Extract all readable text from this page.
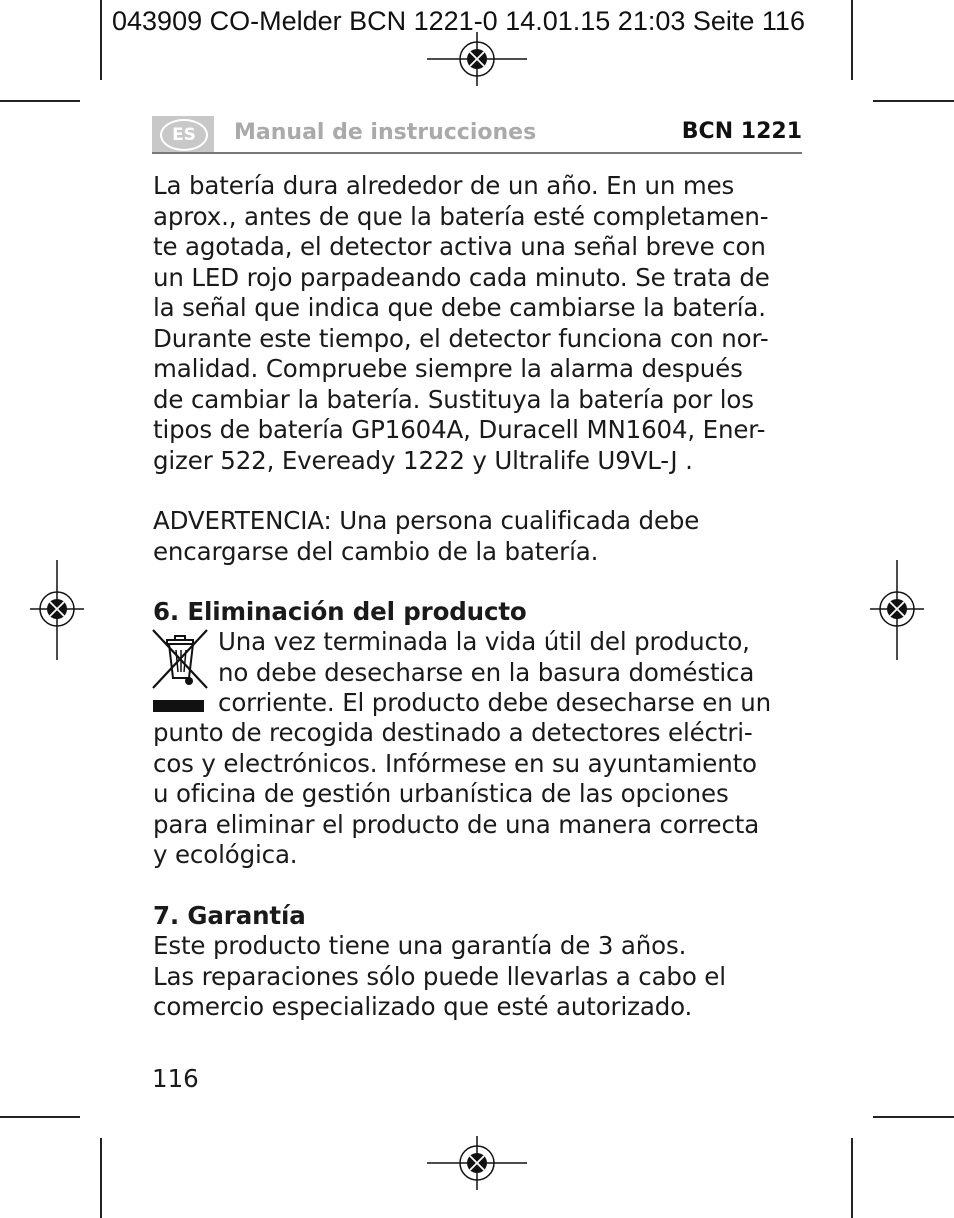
043909 CO-Melder BCN 1221-0 14.01.15 21:03 Seite 116
ES	Manual de instrucciones	BCN 1221
La batería dura alrededor de un año. En un mes
aprox., antes de que la batería esté completamen-
te agotada, el detector activa una señal breve con
un LED rojo parpadeando cada minuto. Se trata de
la señal que indica que debe cambiarse la batería.
Durante este tiempo, el detector funciona con nor-
malidad. Compruebe siempre la alarma después
de cambiar la batería. Sustituya la batería por los
tipos de batería GP1604A, Duracell MN1604, Ener-
gizer 522, Eveready 1222 y Ultralife U9VL-J .
ADVERTENCIA: Una persona cualificada debe
encargarse del cambio de la batería.
6. Eliminación del producto
Una vez terminada la vida útil del producto,
no debe desecharse en la basura doméstica
corriente. El producto debe desecharse en un
punto de recogida destinado a detectores eléctri-
cos y electrónicos. Infórmese en su ayuntamiento
u oficina de gestión urbanística de las opciones
para eliminar el producto de una manera correcta
y ecológica.
7. Garantía
Este producto tiene una garantía de 3 años.
Las reparaciones sólo puede llevarlas a cabo el
comercio especializado que esté autorizado.
116
